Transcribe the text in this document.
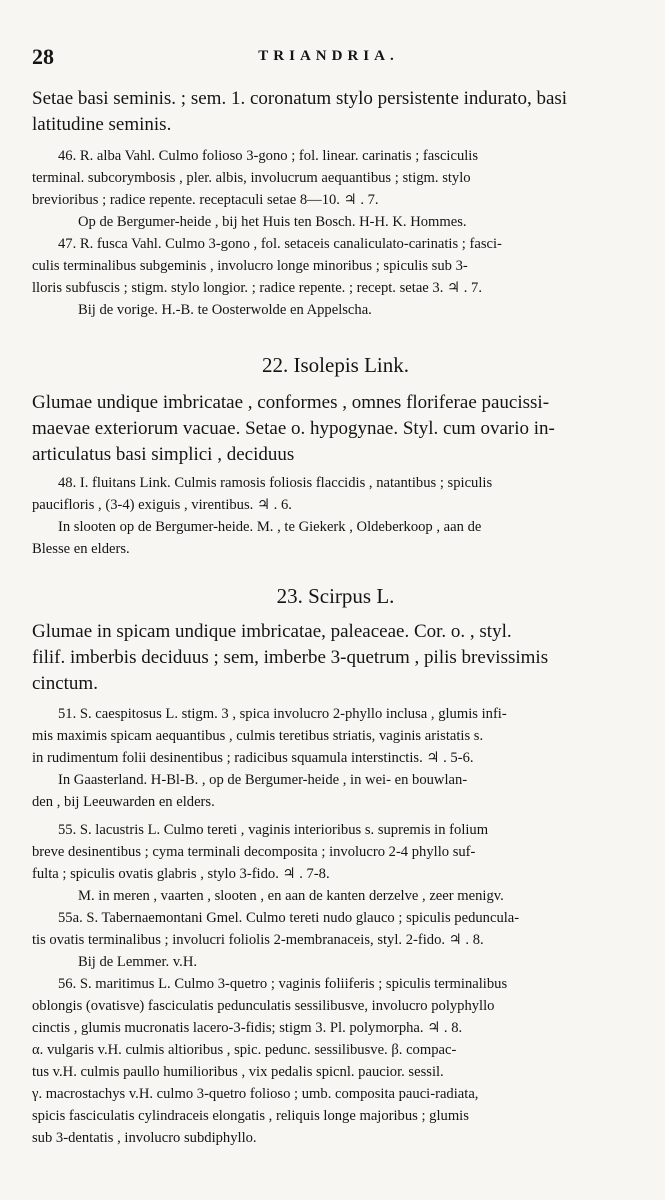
28	TRIANDRIA.
Setae basi seminis. ; sem. 1. coronatum stylo persistente indurato, basi
latitudine seminis.
46. R. alba Vahl. Culmo folioso 3-gono ; fol. linear. carinatis ; fasciculis
terminal. subcorymbosis , pler. albis, involucrum aequantibus ; stigm. stylo
brevioribus ; radice repente. receptaculi setae 8—10. ♃ . 7.
Op de Bergumer-heide , bij het Huis ten Bosch. H-H. K. Hommes.
47. R. fusca Vahl. Culmo 3-gono , fol. setaceis canaliculato-carinatis ; fasci-
culis terminalibus subgeminis , involucro longe minoribus ; spiculis sub 3-
lloris subfuscis ; stigm. stylo longior. ; radice repente. ; recept. setae 3. ♃ . 7.
Bij de vorige. H.-B. te Oosterwolde en Appelscha.
22. Isolepis Link.
Glumae undique imbricatae , conformes , omnes floriferae paucissi-
maevae exteriorum vacuae. Setae o. hypogynae. Styl. cum ovario in-
articulatus basi simplici , deciduus
48. I. fluitans Link. Culmis ramosis foliosis flaccidis , natantibus ; spiculis
paucifloris , (3-4) exiguis , virentibus. ♃ . 6.
In slooten op de Bergumer-heide. M. , te Giekerk , Oldeberkoop , aan de
Blesse en elders.
23. Scirpus L.
Glumae in spicam undique imbricatae, paleaceae. Cor. o. , styl.
filif. imberbis deciduus ; sem, imberbe 3-quetrum , pilis brevissimis
cinctum.
51. S. caespitosus L. stigm. 3 , spica involucro 2-phyllo inclusa , glumis infi-
mis maximis spicam aequantibus , culmis teretibus striatis, vaginis aristatis s.
in rudimentum folii desinentibus ; radicibus squamula interstinctis. ♃ . 5-6.
In Gaasterland. H-Bl-B. , op de Bergumer-heide , in wei- en bouwlan-
den , bij Leeuwarden en elders.
55. S. lacustris L. Culmo tereti , vaginis interioribus s. supremis in folium
breve desinentibus ; cyma terminali decomposita ; involucro 2-4 phyllo suf-
fulta ; spiculis ovatis glabris , stylo 3-fido. ♃ . 7-8.
M. in meren , vaarten , slooten , en aan de kanten derzelve , zeer menigv.
55a. S. Tabernaemontani Gmel. Culmo tereti nudo glauco ; spiculis peduncula-
tis ovatis terminalibus ; involucri foliolis 2-membranaceis, styl. 2-fido. ♃ . 8.
Bij de Lemmer. v.H.
56. S. maritimus L. Culmo 3-quetro ; vaginis foliiferis ; spiculis terminalibus
oblongis (ovatisve) fasciculatis pedunculatis sessilibusve, involucro polyphyllo
cinctis , glumis mucronatis lacero-3-fidis; stigm 3. Pl. polymorpha. ♃ . 8.
α. vulgaris v.H. culmis altioribus , spic. pedunc. sessilibusve. β. compac-
tus v.H. culmis paullo humilioribus , vix pedalis spicnl. paucior. sessil.
γ. macrostachys v.H. culmo 3-quetro folioso ; umb. composita pauci-radiata,
spicis fasciculatis cylindraceis elongatis , reliquis longe majoribus ; glumis
sub 3-dentatis , involucro subdiphyllo.
